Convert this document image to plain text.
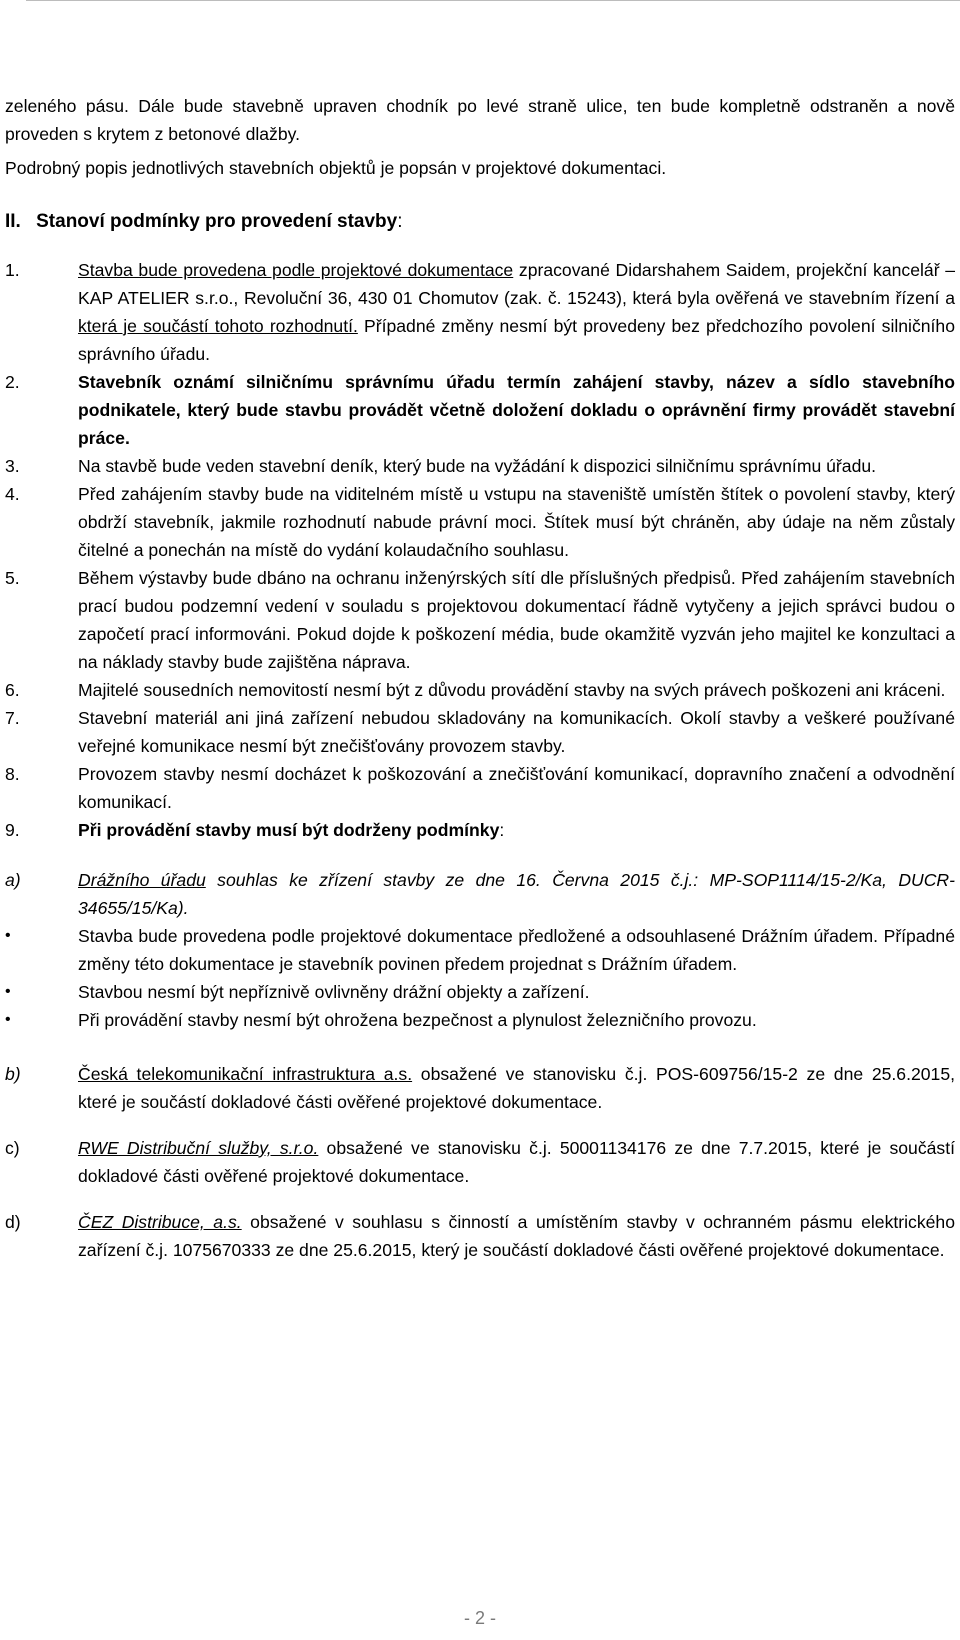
zeleného pásu. Dále bude stavebně upraven chodník po levé straně ulice, ten bude kompletně odstraněn a nově proveden s krytem z betonové dlažby.

Podrobný popis jednotlivých stavebních objektů je popsán v projektové dokumentaci.

II. Stanoví podmínky pro provedení stavby:
1.	Stavba bude provedena podle projektové dokumentace zpracované Didarshahem Saidem, projekční kancelář – KAP ATELIER s.r.o., Revoluční 36, 430 01 Chomutov (zak. č. 15243), která byla ověřená ve stavebním řízení a která je součástí tohoto rozhodnutí. Případné změny nesmí být provedeny bez předchozího povolení silničního správního úřadu.
2.	Stavebník oznámí silničnímu správnímu úřadu termín zahájení stavby, název a sídlo stavebního podnikatele, který bude stavbu provádět včetně doložení dokladu o oprávnění firmy provádět stavební práce.
3.	Na stavbě bude veden stavební deník, který bude na vyžádání k dispozici silničnímu správnímu úřadu.
4.	Před zahájením stavby bude na viditelném místě u vstupu na staveniště umístěn štítek o povolení stavby, který obdrží stavebník, jakmile rozhodnutí nabude právní moci. Štítek musí být chráněn, aby údaje na něm zůstaly čitelné a ponechán na místě do vydání kolaudačního souhlasu.
5.	Během výstavby bude dbáno na ochranu inženýrských sítí dle příslušných předpisů. Před zahájením stavebních prací budou podzemní vedení v souladu s projektovou dokumentací řádně vytyčeny a jejich správci budou o započetí prací informováni. Pokud dojde k poškození média, bude okamžitě vyzván jeho majitel ke konzultaci a na náklady stavby bude zajištěna náprava.
6.	Majitelé sousedních nemovitostí nesmí být z důvodu provádění stavby na svých právech poškozeni ani kráceni.
7.	Stavební materiál ani jiná zařízení nebudou skladovány na komunikacích. Okolí stavby a veškeré používané veřejné komunikace nesmí být znečišťovány provozem stavby.
8.	Provozem stavby nesmí docházet k poškozování a znečišťování komunikací, dopravního značení a odvodnění komunikací.
9.	Při provádění stavby musí být dodrženy podmínky:
a)	Drážního úřadu souhlas ke zřízení stavby ze dne 16. Června 2015 č.j.: MP-SOP1114/15-2/Ka, DUCR-34655/15/Ka).
•	Stavba bude provedena podle projektové dokumentace předložené a odsouhlasené Drážním úřadem. Případné změny této dokumentace je stavebník povinen předem projednat s Drážním úřadem.
•	Stavbou nesmí být nepříznivě ovlivněny drážní objekty a zařízení.
•	Při provádění stavby nesmí být ohrožena bezpečnost a plynulost železničního provozu.
b)	Česká telekomunikační infrastruktura a.s. obsažené ve stanovisku č.j. POS-609756/15-2 ze dne 25.6.2015, které je součástí dokladové části ověřené projektové dokumentace.
c)	RWE Distribuční služby, s.r.o. obsažené ve stanovisku č.j. 50001134176 ze dne 7.7.2015, které je součástí dokladové části ověřené projektové dokumentace.
d)	ČEZ Distribuce, a.s. obsažené v souhlasu s činností a umístěním stavby v ochranném pásmu elektrického zařízení č.j. 1075670333 ze dne 25.6.2015, který je součástí dokladové části ověřené projektové dokumentace.
- 2 -
